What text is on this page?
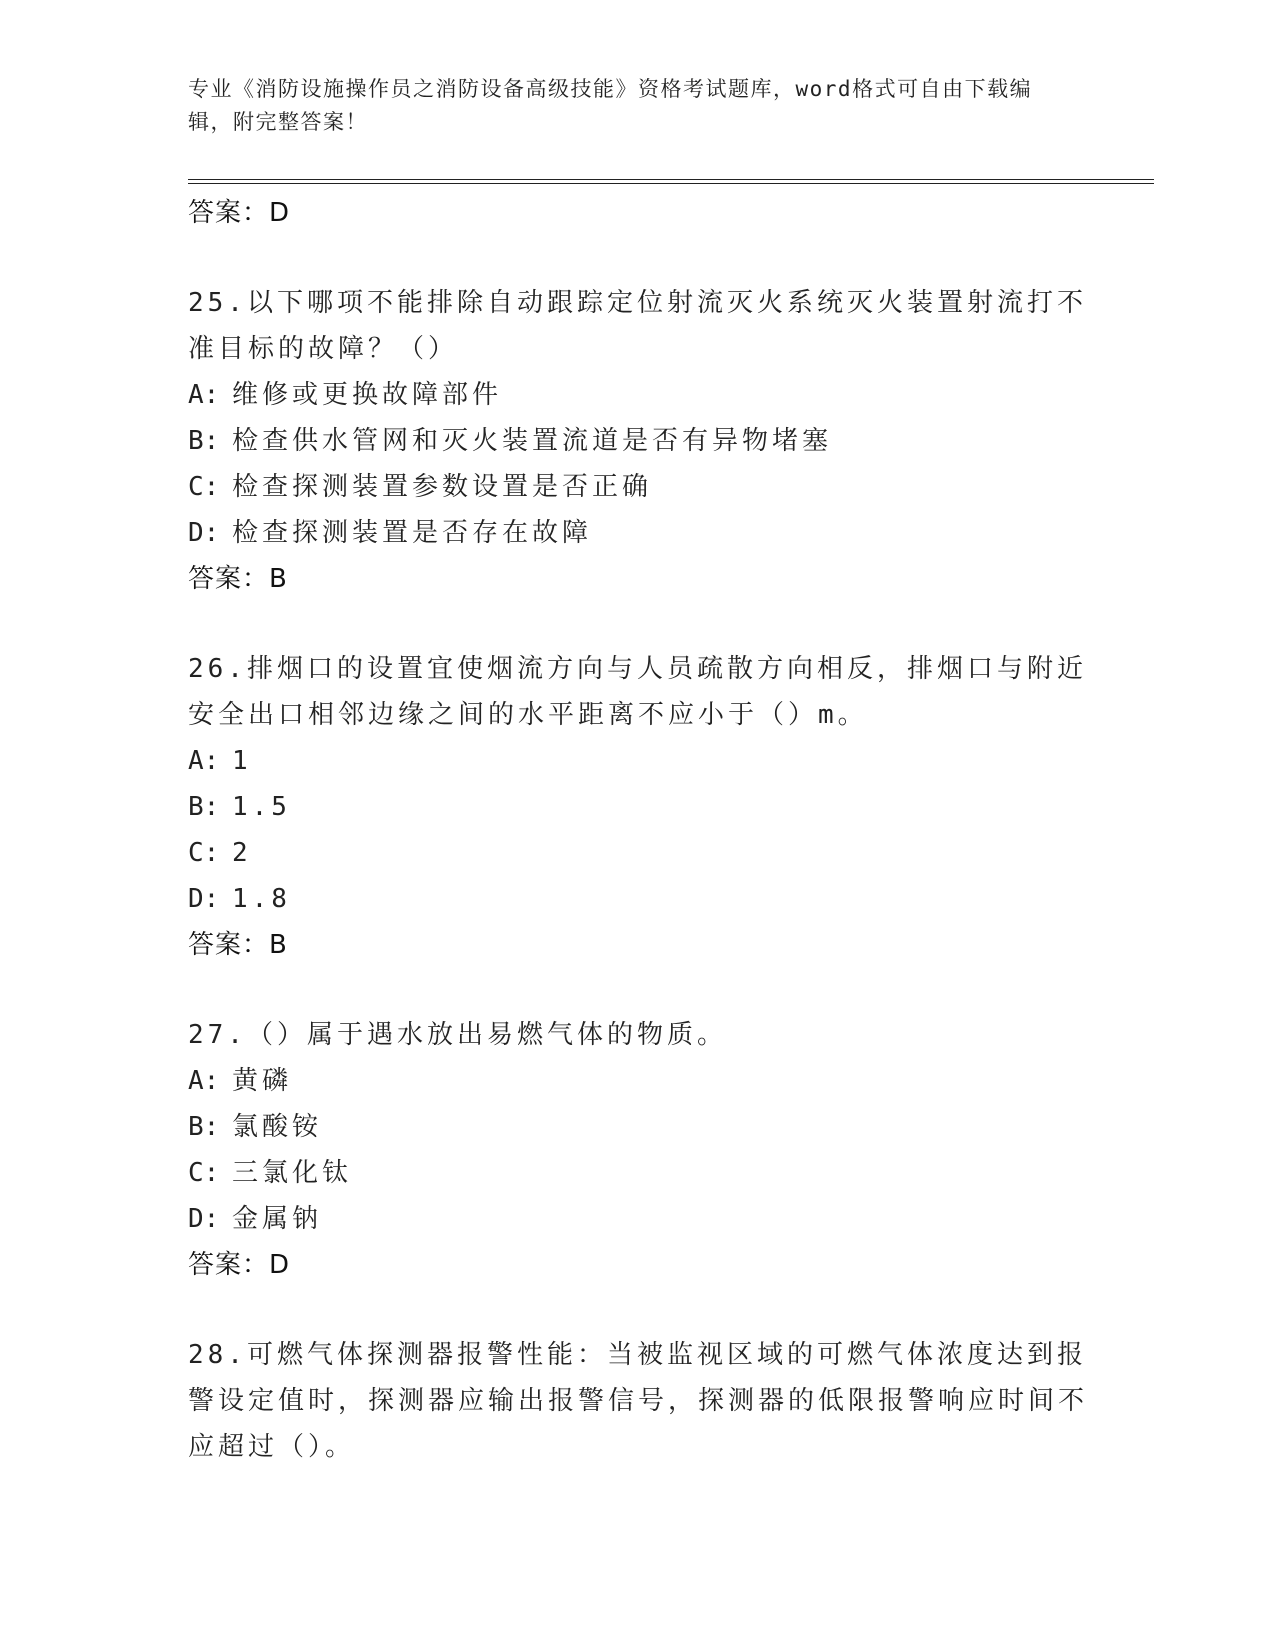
专业《消防设施操作员之消防设备高级技能》资格考试题库，word格式可自由下载编辑，附完整答案！
答案：D
25.以下哪项不能排除自动跟踪定位射流灭火系统灭火装置射流打不准目标的故障？（）
A: 维修或更换故障部件
B: 检查供水管网和灭火装置流道是否有异物堵塞
C: 检查探测装置参数设置是否正确
D: 检查探测装置是否存在故障
答案：B
26.排烟口的设置宜使烟流方向与人员疏散方向相反，排烟口与附近安全出口相邻边缘之间的水平距离不应小于（）m。
A: 1
B: 1.5
C: 2
D: 1.8
答案：B
27.（）属于遇水放出易燃气体的物质。
A: 黄磷
B: 氯酸铵
C: 三氯化钛
D: 金属钠
答案：D
28.可燃气体探测器报警性能：当被监视区域的可燃气体浓度达到报警设定值时，探测器应输出报警信号，探测器的低限报警响应时间不应超过（）。
